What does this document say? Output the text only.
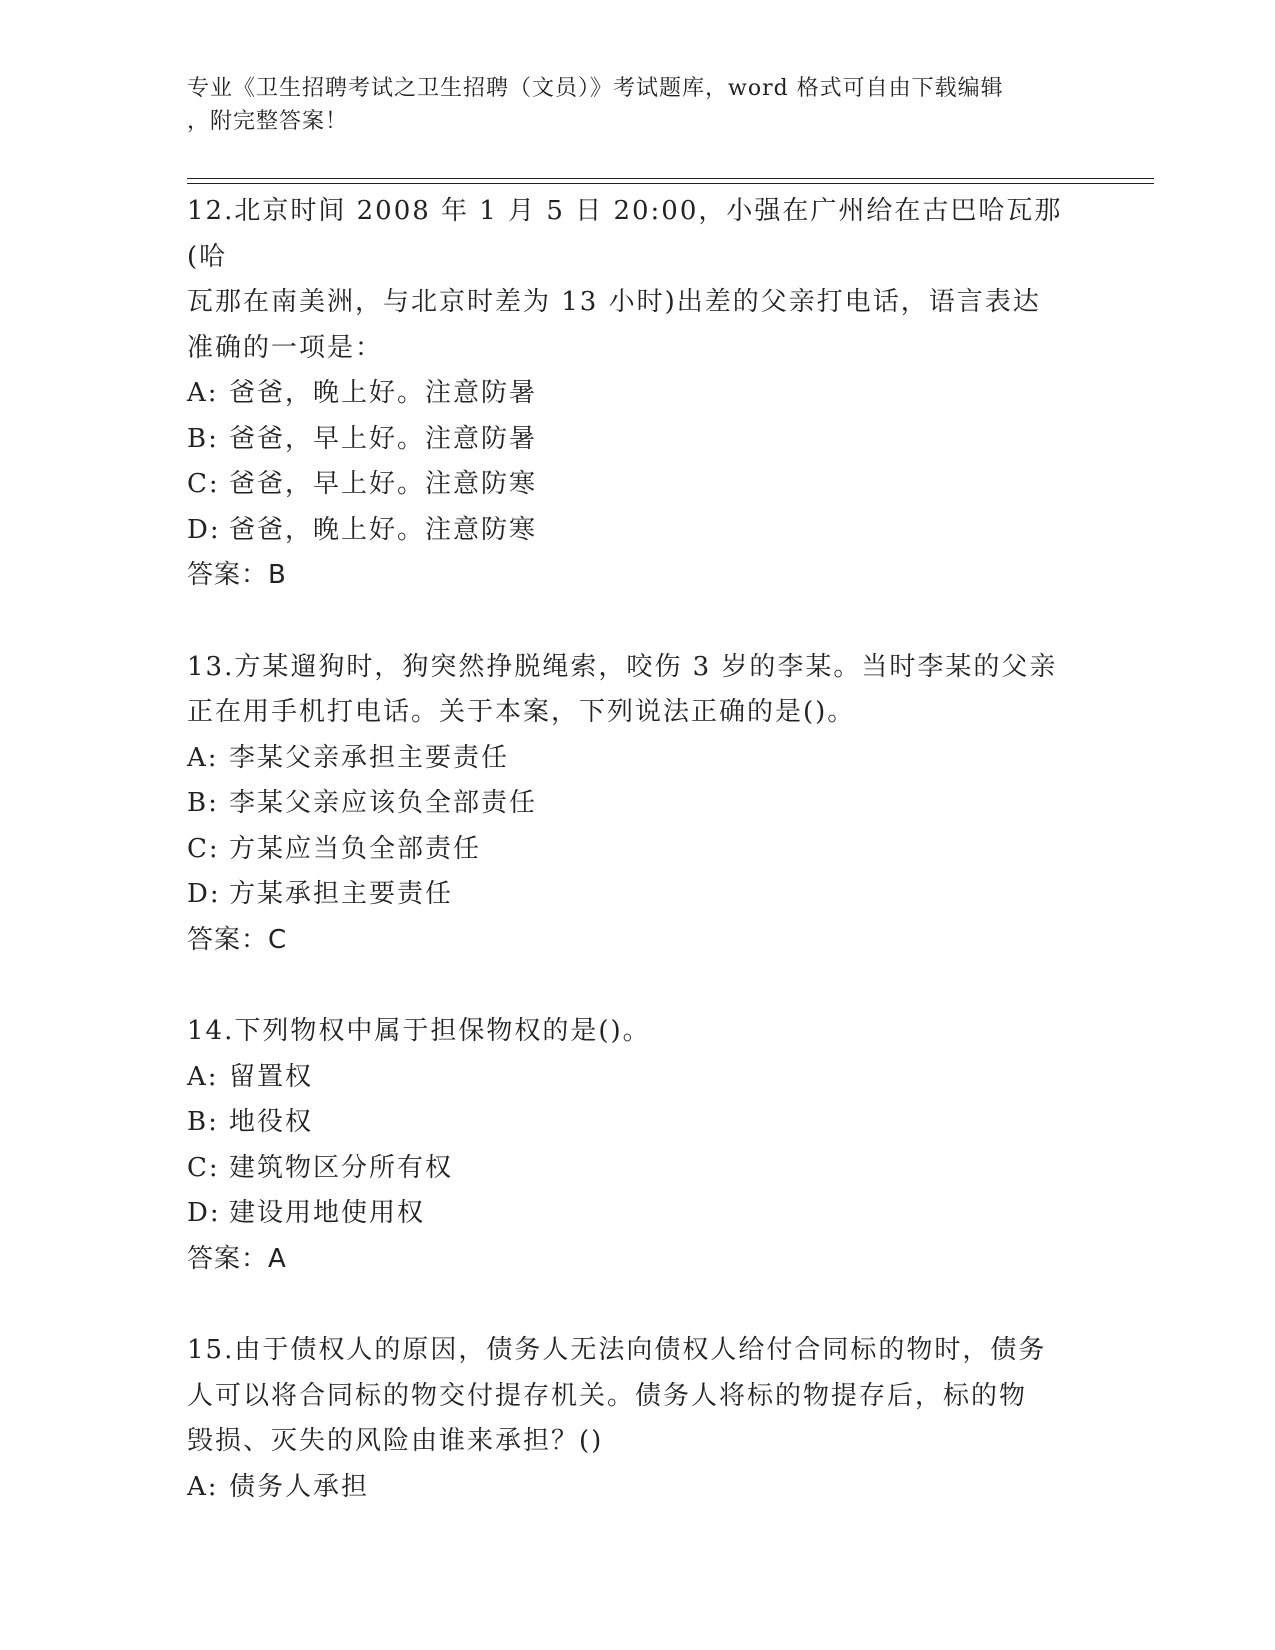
专业《卫生招聘考试之卫生招聘（文员）》考试题库，word 格式可自由下载编辑
，附完整答案！
12.北京时间 2008 年 1 月 5 日 20:00，小强在广州给在古巴哈瓦那(哈
瓦那在南美洲，与北京时差为 13 小时)出差的父亲打电话，语言表达
准确的一项是：
A: 爸爸，晚上好。注意防暑
B: 爸爸，早上好。注意防暑
C: 爸爸，早上好。注意防寒
D: 爸爸，晚上好。注意防寒
答案：B
13.方某遛狗时，狗突然挣脱绳索，咬伤 3 岁的李某。当时李某的父亲
正在用手机打电话。关于本案，下列说法正确的是()。
A: 李某父亲承担主要责任
B: 李某父亲应该负全部责任
C: 方某应当负全部责任
D: 方某承担主要责任
答案：C
14.下列物权中属于担保物权的是()。
A: 留置权
B: 地役权
C: 建筑物区分所有权
D: 建设用地使用权
答案：A
15.由于债权人的原因，债务人无法向债权人给付合同标的物时，债务
人可以将合同标的物交付提存机关。债务人将标的物提存后，标的物
毁损、灭失的风险由谁来承担？()
A: 债务人承担
